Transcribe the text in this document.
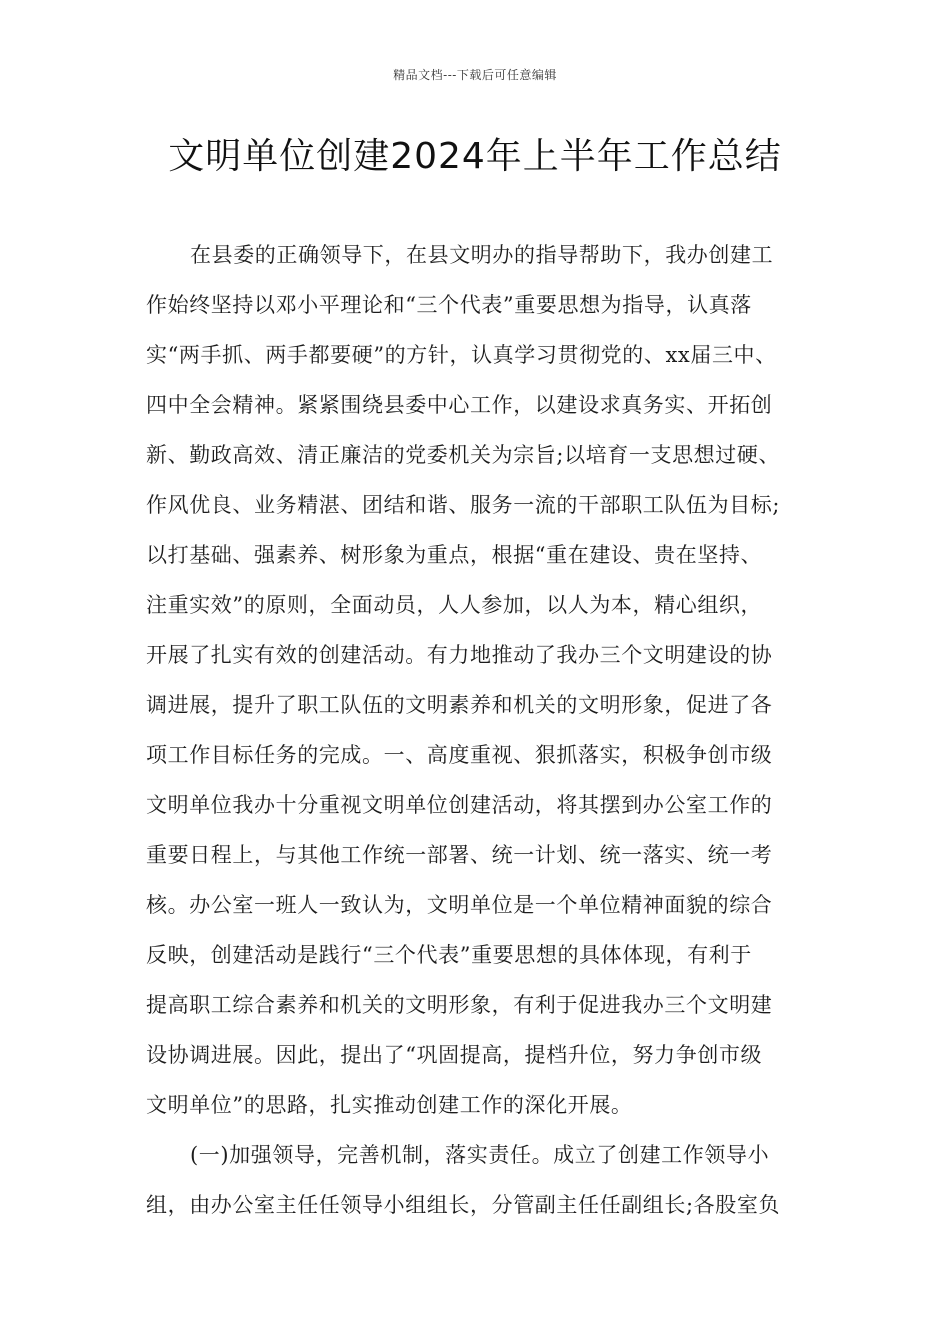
精品文档---下载后可任意编辑
文明单位创建2024年上半年工作总结
在县委的正确领导下，在县文明办的指导帮助下，我办创建工
作始终坚持以邓小平理论和“三个代表”重要思想为指导，认真落
实“两手抓、两手都要硬”的方针，认真学习贯彻党的、xx届三中、
四中全会精神。紧紧围绕县委中心工作，以建设求真务实、开拓创
新、勤政高效、清正廉洁的党委机关为宗旨;以培育一支思想过硬、
作风优良、业务精湛、团结和谐、服务一流的干部职工队伍为目标;
以打基础、强素养、树形象为重点，根据“重在建设、贵在坚持、
注重实效”的原则，全面动员，人人参加，以人为本，精心组织，
开展了扎实有效的创建活动。有力地推动了我办三个文明建设的协
调进展，提升了职工队伍的文明素养和机关的文明形象，促进了各
项工作目标任务的完成。一、高度重视、狠抓落实，积极争创市级
文明单位我办十分重视文明单位创建活动，将其摆到办公室工作的
重要日程上，与其他工作统一部署、统一计划、统一落实、统一考
核。办公室一班人一致认为，文明单位是一个单位精神面貌的综合
反映，创建活动是践行“三个代表”重要思想的具体体现，有利于
提高职工综合素养和机关的文明形象，有利于促进我办三个文明建
设协调进展。因此，提出了“巩固提高，提档升位，努力争创市级
文明单位”的思路，扎实推动创建工作的深化开展。
(一)加强领导，完善机制，落实责任。成立了创建工作领导小
组，由办公室主任任领导小组组长，分管副主任任副组长;各股室负
